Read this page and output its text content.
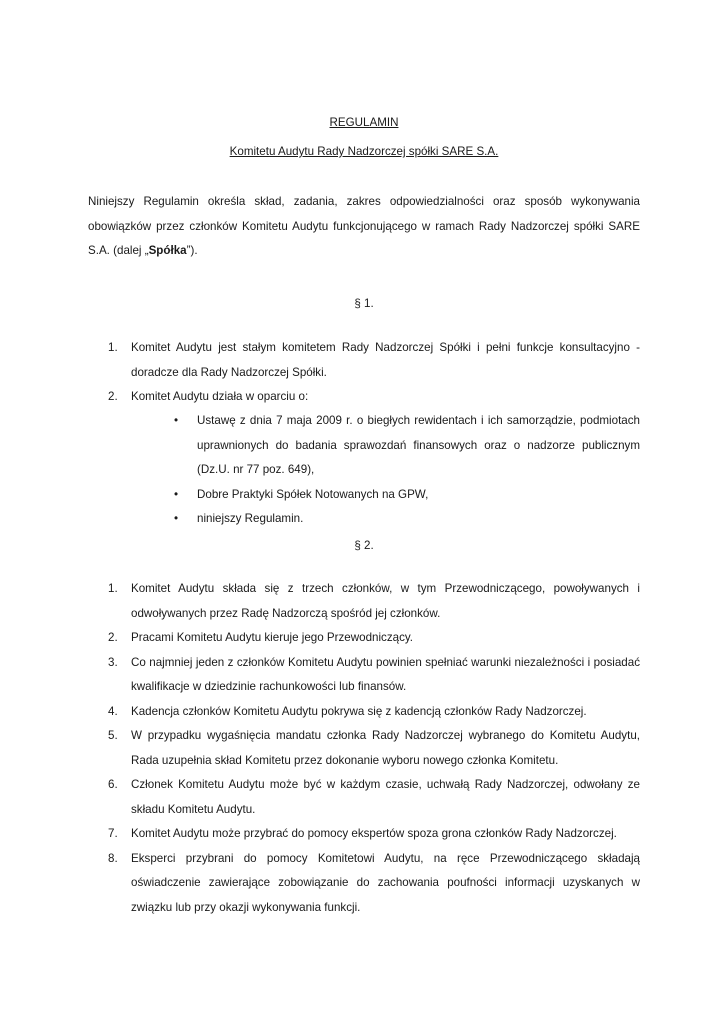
REGULAMIN
Komitetu Audytu Rady Nadzorczej spółki SARE S.A.

Niniejszy Regulamin określa skład, zadania, zakres odpowiedzialności oraz sposób wykonywania obowiązków przez członków Komitetu Audytu funkcjonującego w ramach Rady Nadzorczej spółki SARE S.A. (dalej „Spółka”).

§ 1.
1. Komitet Audytu jest stałym komitetem Rady Nadzorczej Spółki i pełni funkcje konsultacyjno - doradcze dla Rady Nadzorczej Spółki.
2. Komitet Audytu działa w oparciu o:
• Ustawę z dnia 7 maja 2009 r. o biegłych rewidentach i ich samorządzie, podmiotach uprawnionych do badania sprawozdań finansowych oraz o nadzorze publicznym (Dz.U. nr 77 poz. 649),
• Dobre Praktyki Spółek Notowanych na GPW,
• niniejszy Regulamin.
§ 2.
1. Komitet Audytu składa się z trzech członków, w tym Przewodniczącego, powoływanych i odwoływanych przez Radę Nadzorczą spośród jej członków.
2. Pracami Komitetu Audytu kieruje jego Przewodniczący.
3. Co najmniej jeden z członków Komitetu Audytu powinien spełniać warunki niezależności i posiadać kwalifikacje w dziedzinie rachunkowości lub finansów.
4. Kadencja członków Komitetu Audytu pokrywa się z kadencją członków Rady Nadzorczej.
5. W przypadku wygaśnięcia mandatu członka Rady Nadzorczej wybranego do Komitetu Audytu, Rada uzupełnia skład Komitetu przez dokonanie wyboru nowego członka Komitetu.
6. Członek Komitetu Audytu może być w każdym czasie, uchwałą Rady Nadzorczej, odwołany ze składu Komitetu Audytu.
7. Komitet Audytu może przybrać do pomocy ekspertów spoza grona członków Rady Nadzorczej.
8. Eksperci przybrani do pomocy Komitetowi Audytu, na ręce Przewodniczącego składają oświadczenie zawierające zobowiązanie do zachowania poufności informacji uzyskanych w związku lub przy okazji wykonywania funkcji.
